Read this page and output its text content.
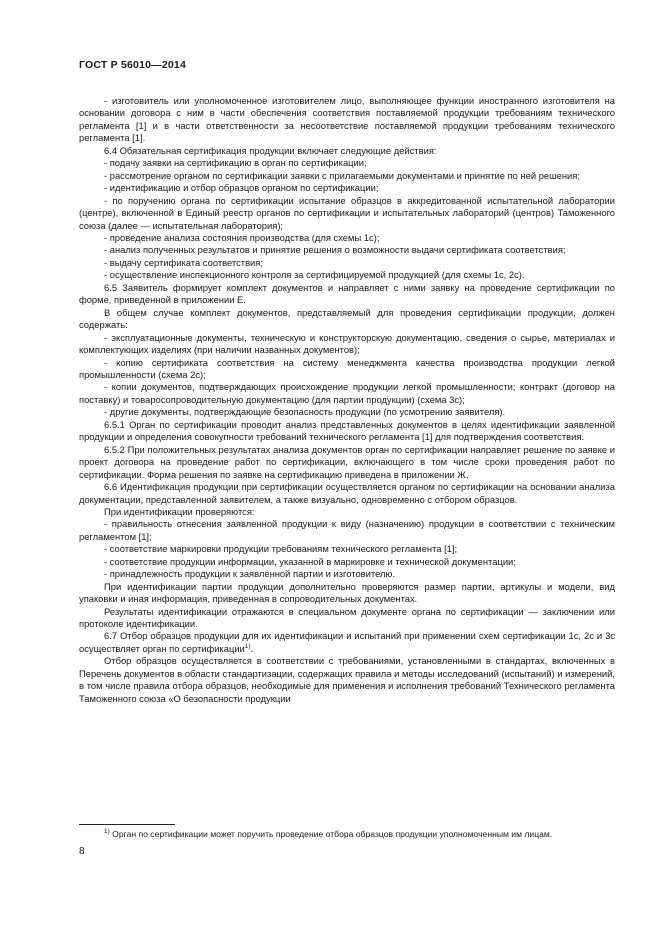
ГОСТ Р 56010—2014

- изготовитель или уполномоченное изготовителем лицо, выполняющее функции иностранного изготовителя на основании договора с ним в части обеспечения соответствия поставляемой продукции требованиям технического регламента [1] и в части ответственности за несоответствие поставляемой продукции требованиям технического регламента [1].

6.4 Обязательная сертификация продукции включает следующие действия:

- подачу заявки на сертификацию в орган по сертификации;

- рассмотрение органом по сертификации заявки с прилагаемыми документами и принятие по ней решения;

- идентификацию и отбор образцов органом по сертификации;

- по поручению органа по сертификации испытание образцов в аккредитованной испытательной лаборатории (центре), включенной в Единый реестр органов по сертификации и испытательных лабораторий (центров) Таможенного союза (далее — испытательная лаборатория);

- проведение анализа состояния производства (для схемы 1с);

- анализ полученных результатов и принятие решения о возможности выдачи сертификата соответствия;

- выдачу сертификата соответствия;

- осуществление инспекционного контроля за сертифицируемой продукцией (для схемы 1с, 2с).

6.5 Заявитель формирует комплект документов и направляет с ними заявку на проведение сертификации по форме, приведенной в приложении Е.

В общем случае комплект документов, представляемый для проведения сертификации продукции, должен содержать:

- эксплуатационные документы, техническую и конструкторскую документацию, сведения о сырье, материалах и комплектующих изделиях (при наличии названных документов);

- копию сертификата соответствия на систему менеджмента качества производства продукции легкой промышленности (схема 2с);

- копии документов, подтверждающих происхождение продукции легкой промышленности; контракт (договор на поставку) и товаросопроводительную документацию (для партии продукции) (схема 3с);

- другие документы, подтверждающие безопасность продукции (по усмотрению заявителя).

6.5.1 Орган по сертификации проводит анализ представленных документов в целях идентификации заявленной продукции и определения совокупности требований технического регламента [1] для подтверждения соответствия.

6.5.2 При положительных результатах анализа документов орган по сертификации направляет решение по заявке и проект договора на проведение работ по сертификации, включающего в том числе сроки проведения работ по сертификации. Форма решения по заявке на сертификацию приведена в приложении Ж.

6.6 Идентификация продукции при сертификации осуществляется органом по сертификации на основании анализа документации, представленной заявителем, а также визуально, одновременно с отбором образцов.

При идентификации проверяются:

- правильность отнесения заявленной продукции к виду (назначению) продукции в соответствии с техническим регламентом [1];

- соответствие маркировки продукции требованиям технического регламента [1];

- соответствие продукции информации, указанной в маркировке и технической документации;

- принадлежность продукции к заявленной партии и изготовителю.

При идентификации партии продукции дополнительно проверяются размер партии, артикулы и модели, вид упаковки и иная информация, приведенная в сопроводительных документах.

Результаты идентификации отражаются в специальном документе органа по сертификации — заключении или протоколе идентификации.

6.7 Отбор образцов продукции для их идентификации и испытаний при применении схем сертификации 1с, 2с и 3с осуществляет орган по сертификации$^{1)}$.

Отбор образцов осуществляется в соответствии с требованиями, установленными в стандартах, включенных в Перечень документов в области стандартизации, содержащих правила и методы исследований (испытаний) и измерений, в том числе правила отбора образцов, необходимые для применения и исполнения требований Технического регламента Таможенного союза «О безопасности продукции

$^{1)}$ Орган по сертификации может поручить проведение отбора образцов продукции уполномоченным им лицам.
8
